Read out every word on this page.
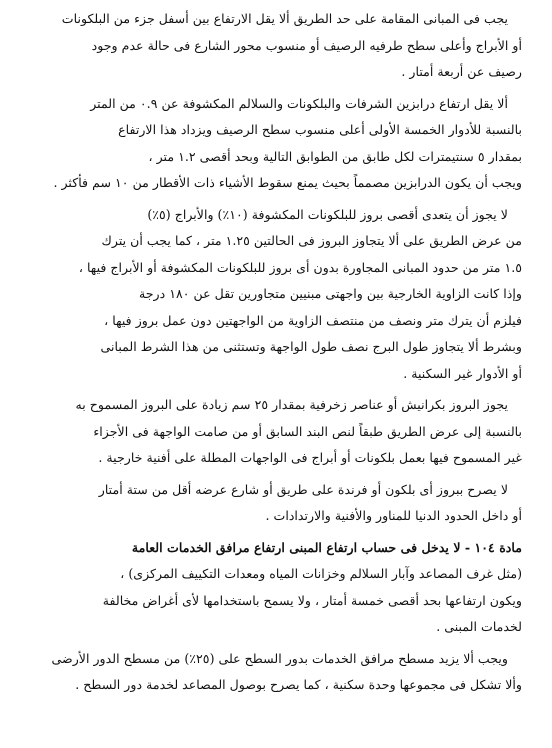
يجب فى المبانى المقامة على حد الطريق ألا يقل الارتفاع بين أسفل جزء من البلكونات
أو الأبراج وأعلى سطح طرفيه الرصيف أو منسوب محور الشارع فى حالة عدم وجود
رصيف عن أربعة أمتار .
ألا يقل ارتفاع درابزين الشرفات والبلكونات والسلالم المكشوفة عن ٠.٩ من المتر
بالنسبة للأدوار الخمسة الأولى أعلى منسوب سطح الرصيف ويزداد هذا الارتفاع
بمقدار ٥ سنتيمترات لكل طابق من الطوابق التالية وبحد أقصى ١.٢ متر ،
ويجب أن يكون الدرابزين مصمماً بحيث يمنع سقوط الأشياء ذات الأقطار من ١٠ سم فأكثر .
لا يجوز أن يتعدى أقصى بروز للبلكونات المكشوفة (١٠٪) والأبراج (٥٪)
من عرض الطريق على ألا يتجاوز البروز فى الحالتين ١.٢٥ متر ، كما يجب أن يترك
١.٥ متر من حدود المبانى المجاورة بدون أى بروز للبلكونات المكشوفة أو الأبراج فيها ،
وإذا كانت الزاوية الخارجية بين واجهتى مبنيين متجاورين تقل عن ١٨٠ درجة
فيلزم أن يترك متر ونصف من منتصف الزاوية من الواجهتين دون عمل بروز فيها ،
وبشرط ألا يتجاوز طول البرج نصف طول الواجهة وتستثنى من هذا الشرط المبانى
أو الأدوار غير السكنية .
يجوز البروز بكرانيش أو عناصر زخرفية بمقدار ٢٥ سم زيادة على البروز المسموح به
بالنسبة إلى عرض الطريق طبقاً لنص البند السابق أو من صامت الواجهة فى الأجزاء
غير المسموح فيها بعمل بلكونات أو أبراج فى الواجهات المطلة على أفنية خارجية .
لا يصرح ببروز أى بلكون أو فرندة على طريق أو شارع عرضه أقل من ستة أمتار
أو داخل الحدود الدنيا للمناور والأفنية والارتدادات .
مادة ١٠٤ - لا يدخل فى حساب ارتفاع المبنى ارتفاع مرافق الخدمات العامة
(مثل غرف المصاعد وآبار السلالم وخزانات المياه ومعدات التكييف المركزى) ،
ويكون ارتفاعها بحد أقصى خمسة أمتار ، ولا يسمح باستخدامها لأى أغراض مخالفة
لخدمات المبنى .
ويجب ألا يزيد مسطح مرافق الخدمات بدور السطح على (٢٥٪) من مسطح الدور الأرضى
وألا تشكل فى مجموعها وحدة سكنية ، كما يصرح بوصول المصاعد لخدمة دور السطح .
